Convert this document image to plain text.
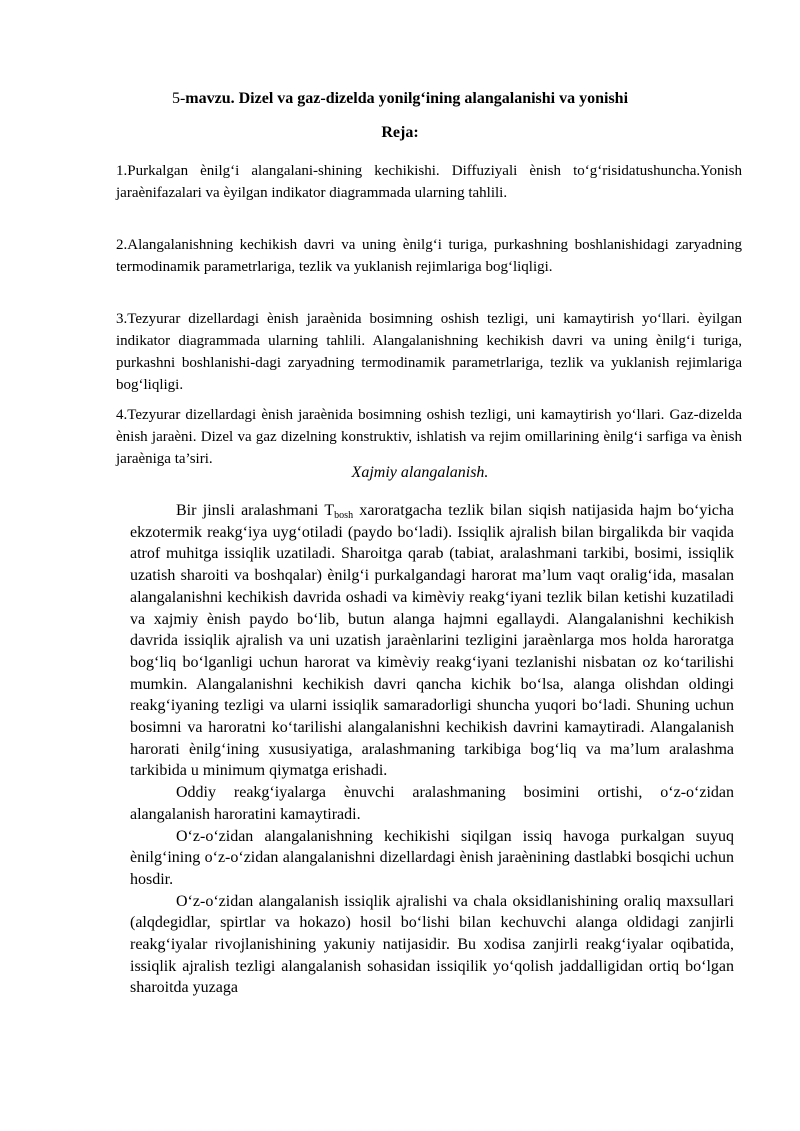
5-mavzu. Dizel va gaz-dizelda yonilg‘ining alangalanishi va yonishi
Reja:
1.Purkalgan ènilg‘i alangalani-shining kechikishi. Diffuziyali ènish to‘g‘risidatushuncha.Yonish jaraènifazalari va èyilgan indikator diagrammada ularning tahlili.
2.Alangalanishning kechikish davri va uning ènilg‘i turiga, purkashning boshlanishidagi zaryadning termodinamik parametrlariga, tezlik va yuklanish rejimlariga bog‘liqligi.
3.Tezyurar dizellardagi ènish jaraènida bosimning oshish tezligi, uni kamaytirish yo‘llari. èyilgan indikator diagrammada ularning tahlili. Alangalanishning kechikish davri va uning ènilg‘i turiga, purkashni boshlanishi-dagi zaryadning termodinamik parametrlariga, tezlik va yuklanish rejimlariga bog‘liqligi.
4.Tezyurar dizellardagi ènish jaraènida bosimning oshish tezligi, uni kamaytirish yo‘llari. Gaz-dizelda ènish jaraèni. Dizel va gaz dizelning konstruktiv, ishlatish va rejim omillarining ènilg‘i sarfiga va ènish jaraèniga ta’siri.
Xajmiy alangalanish.

Bir jinsli aralashmani $T_{bosh}$ xaroratgacha tezlik bilan siqish natijasida hajm bo‘yicha ekzotermik reakg‘iya uyg‘otiladi (paydo bo‘ladi). Issiqlik ajralish bilan birgalikda bir vaqida atrof muhitga issiqlik uzatiladi. Sharoitga qarab (tabiat, aralashmani tarkibi, bosimi, issiqlik uzatish sharoiti va boshqalar) ènilg‘i purkalgandagi harorat ma’lum vaqt oralig‘ida, masalan alangalanishni kechikish davrida oshadi va kimèviy reakg‘iyani tezlik bilan ketishi kuzatiladi va xajmiy ènish paydo bo‘lib, butun alanga hajmni egallaydi. Alangalanishni kechikish davrida issiqlik ajralish va uni uzatish jaraènlarini tezligini jaraènlarga mos holda haroratga bog‘liq bo‘lganligi uchun harorat va kimèviy reakg‘iyani tezlanishi nisbatan oz ko‘tarilishi mumkin. Alangalanishni kechikish davri qancha kichik bo‘lsa, alanga olishdan oldingi reakg‘iyaning tezligi va ularni issiqlik samaradorligi shuncha yuqori bo‘ladi. Shuning uchun bosimni va haroratni ko‘tarilishi alangalanishni kechikish davrini kamaytiradi. Alangalanish harorati ènilg‘ining xususiyatiga, aralashmaning tarkibiga bog‘liq va ma’lum aralashma tarkibida u minimum qiymatga erishadi.

Oddiy reakg‘iyalarga ènuvchi aralashmaning bosimini ortishi, o‘z-o‘zidan alangalanish haroratini kamaytiradi.

O‘z-o‘zidan alangalanishning kechikishi siqilgan issiq havoga purkalgan suyuq ènilg‘ining o‘z-o‘zidan alangalanishni dizellardagi ènish jaraènining dastlabki bosqichi uchun hosdir.

O‘z-o‘zidan alangalanish issiqlik ajralishi va chala oksidlanishining oraliq maxsullari (alqdegidlar, spirtlar va hokazo) hosil bo‘lishi bilan kechuvchi alanga oldidagi zanjirli reakg‘iyalar rivojlanishining yakuniy natijasidir. Bu xodisa zanjirli reakg‘iyalar oqibatida, issiqlik ajralish tezligi alangalanish sohasidan issiqilik yo‘qolish jaddalligidan ortiq bo‘lgan sharoitda yuzaga
